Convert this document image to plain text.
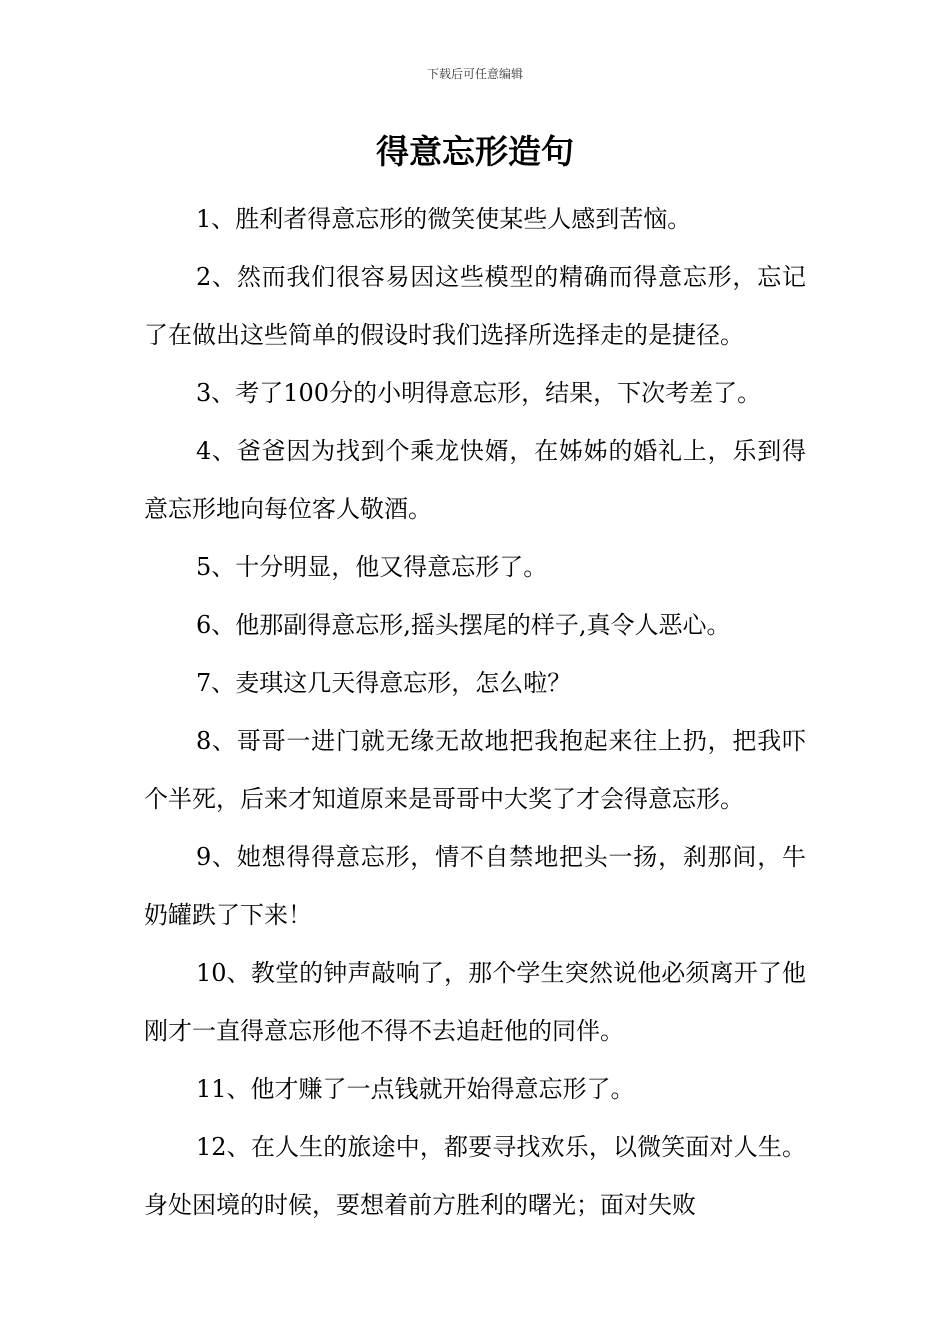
下载后可任意编辑
得意忘形造句

1、胜利者得意忘形的微笑使某些人感到苦恼。

2、然而我们很容易因这些模型的精确而得意忘形，忘记了在做出这些简单的假设时我们选择所选择走的是捷径。

3、考了100分的小明得意忘形，结果，下次考差了。

4、爸爸因为找到个乘龙快婿，在姊姊的婚礼上，乐到得意忘形地向每位客人敬酒。

5、十分明显，他又得意忘形了。

6、他那副得意忘形,摇头摆尾的样子,真令人恶心。

7、麦琪这几天得意忘形，怎么啦？

8、哥哥一进门就无缘无故地把我抱起来往上扔，把我吓个半死，后来才知道原来是哥哥中大奖了才会得意忘形。

9、她想得得意忘形，情不自禁地把头一扬，刹那间，牛奶罐跌了下来！

10、教堂的钟声敲响了，那个学生突然说他必须离开了他刚才一直得意忘形他不得不去追赶他的同伴。

11、他才赚了一点钱就开始得意忘形了。

12、在人生的旅途中，都要寻找欢乐，以微笑面对人生。身处困境的时候，要想着前方胜利的曙光；面对失败
